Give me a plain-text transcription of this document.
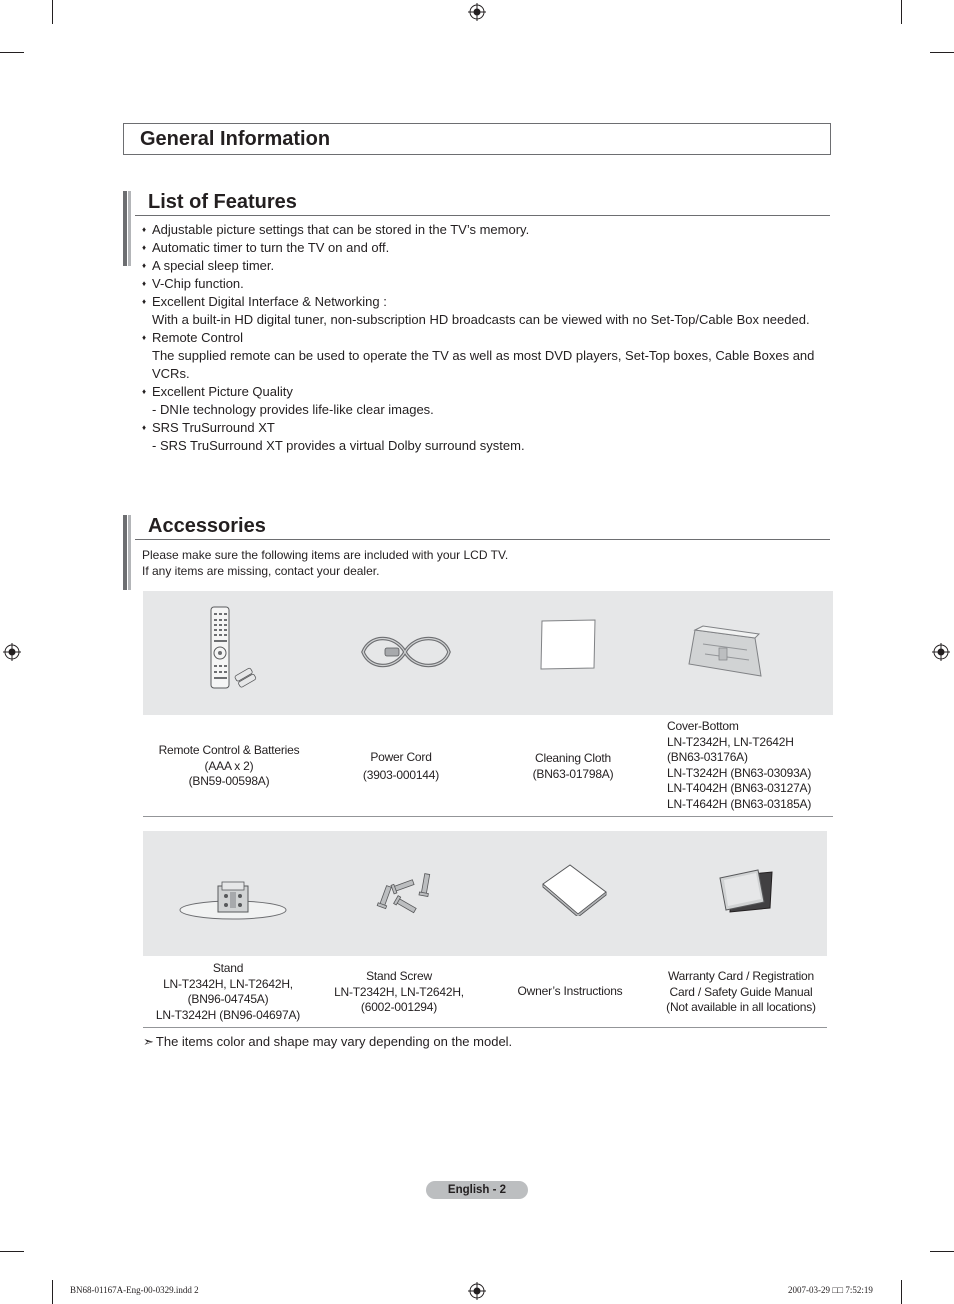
General Information
List of Features
♦ Adjustable picture settings that can be stored in the TV’s memory.
♦ Automatic timer to turn the TV on and off.
♦ A special sleep timer.
♦ V-Chip function.
♦ Excellent Digital Interface & Networking :
With a built-in HD digital tuner, non-subscription HD broadcasts can be viewed with no Set-Top/Cable Box needed.
♦ Remote Control
The supplied remote can be used to operate the TV as well as most DVD players, Set-Top boxes, Cable Boxes and VCRs.
♦ Excellent Picture Quality
- DNIe technology provides life-like clear images.
♦ SRS TruSurround XT
- SRS TruSurround XT provides a virtual Dolby surround system.
Accessories
Please make sure the following items are included with your LCD TV.
If any items are missing, contact your dealer.
Remote Control & Batteries
(AAA x 2)
(BN59-00598A)
Power Cord
(3903-000144)
Cleaning Cloth
(BN63-01798A)
Cover-Bottom
LN-T2342H, LN-T2642H
(BN63-03176A)
LN-T3242H (BN63-03093A)
LN-T4042H (BN63-03127A)
LN-T4642H (BN63-03185A)
Stand
LN-T2342H, LN-T2642H,
(BN96-04745A)
LN-T3242H (BN96-04697A)
Stand Screw
LN-T2342H, LN-T2642H,
(6002-001294)
Owner’s Instructions
Warranty Card / Registration
Card / Safety Guide Manual
(Not available in all locations)
➣ The items color and shape may vary depending on the model.
English - 2
BN68-01167A-Eng-00-0329.indd 2	2007-03-29 □□ 7:52:19
